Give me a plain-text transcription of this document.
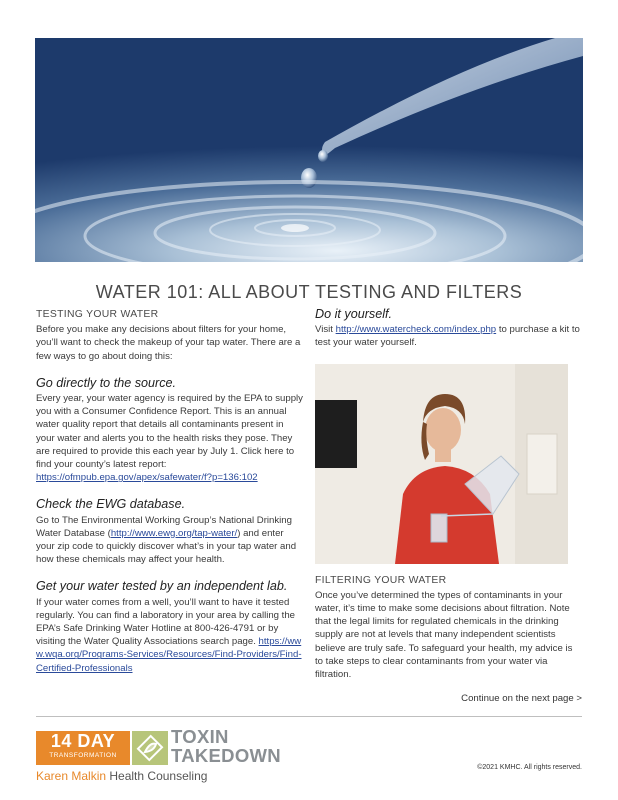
WATER 101: ALL ABOUT TESTING AND FILTERS
TESTING YOUR WATER

Before you make any decisions about filters for your home, you’ll want to check the makeup of your tap water. There are a few ways to go about doing this:

Go directly to the source.

Every year, your water agency is required by the EPA to supply you with a Consumer Confidence Report. This is an annual water quality report that details all contaminants present in your water and alerts you to the health risks they pose. They are required to provide this each year by July 1. Click here to find your county’s latest report: https://ofmpub.epa.gov/apex/safewater/f?p=136:102

Check the EWG database.

Go to The Environmental Working Group’s National Drinking Water Database (http://www.ewg.org/tap-water/) and enter your zip code to quickly discover what’s in your tap water and how these chemicals may affect your health.

Get your water tested by an independent lab.

If your water comes from a well, you’ll want to have it tested regularly. You can find a laboratory in your area by calling the EPA’s Safe Drinking Water Hotline at 800-426-4791 or by visiting the Water Quality Associations search page. https://www.wqa.org/Programs-Services/Resources/Find-Providers/Find-Certified-Professionals

Do it yourself.

Visit http://www.watercheck.com/index.php to purchase a kit to test your water yourself.

FILTERING YOUR WATER

Once you’ve determined the types of contaminants in your water, it’s time to make some decisions about filtration. Note that the legal limits for regulated chemicals in the drinking supply are not at levels that many independent scientists believe are truly safe. To safeguard your health, my advice is to take steps to clear contaminants from your water via filtration.

Continue on the next page >
14 DAY
TRANSFORMATION
TOXIN
TAKEDOWN
Karen Malkin Health Counseling
©2021 KMHC. All rights reserved.
